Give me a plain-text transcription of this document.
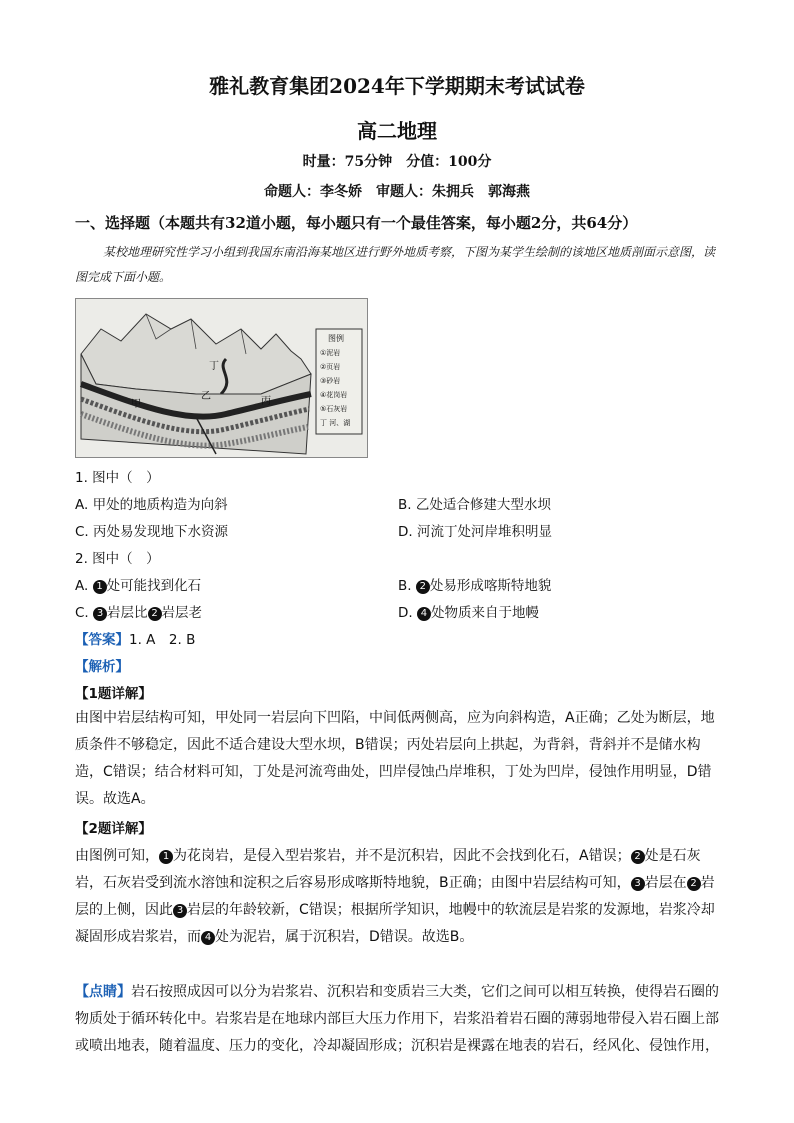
雅礼教育集团2024年下学期期末考试试卷
高二地理
时量：75分钟　分值：100分
命题人：李冬娇　审题人：朱拥兵　郭海燕
一、选择题（本题共有32道小题，每小题只有一个最佳答案，每小题2分，共64分）
某校地理研究性学习小组到我国东南沿海某地区进行野外地质考察，下图为某学生绘制的该地区地质剖面示意图，读图完成下面小题。
甲
乙	丙
丁
图例
①泥岩
②页岩
③砂岩
④花岗岩
⑤石灰岩
丁 河、湖
1. 图中（　）
A. 甲处的地质构造为向斜	B. 乙处适合修建大型水坝
C. 丙处易发现地下水资源	D. 河流丁处河岸堆积明显
2. 图中（　）
A. 1 处可能找到化石	B. 2 处易形成喀斯特地貌
C. 3 岩层比 2 岩层老	D. 4 处物质来自于地幔
【答案】1. A　2. B
【解析】
【1题详解】
由图中岩层结构可知，甲处同一岩层向下凹陷，中间低两侧高，应为向斜构造，A正确；乙处为断层，地质条件不够稳定，因此不适合建设大型水坝，B错误；丙处岩层向上拱起，为背斜，背斜并不是储水构造，C错误；结合材料可知，丁处是河流弯曲处，凹岸侵蚀凸岸堆积，丁处为凹岸，侵蚀作用明显，D错误。故选A。
【2题详解】
由图例可知， 1 为花岗岩，是侵入型岩浆岩，并不是沉积岩，因此不会找到化石，A错误； 2 处是石灰岩，石灰岩受到流水溶蚀和淀积之后容易形成喀斯特地貌，B正确；由图中岩层结构可知， 3 岩层在 2 岩层的上侧，因此 3 岩层的年龄较新，C错误；根据所学知识，地幔中的软流层是岩浆的发源地，岩浆冷却
凝固形成岩浆岩，而 4 处为泥岩，属于沉积岩，D错误。故选B。
【点睛】岩石按照成因可以分为岩浆岩、沉积岩和变质岩三大类，它们之间可以相互转换，使得岩石圈的物质处于循环转化中。岩浆岩是在地球内部巨大压力作用下，岩浆沿着岩石圈的薄弱地带侵入岩石圈上部或喷出地表，随着温度、压力的变化，冷却凝固形成；沉积岩是裸露在地表的岩石，经风化、侵蚀作用，
